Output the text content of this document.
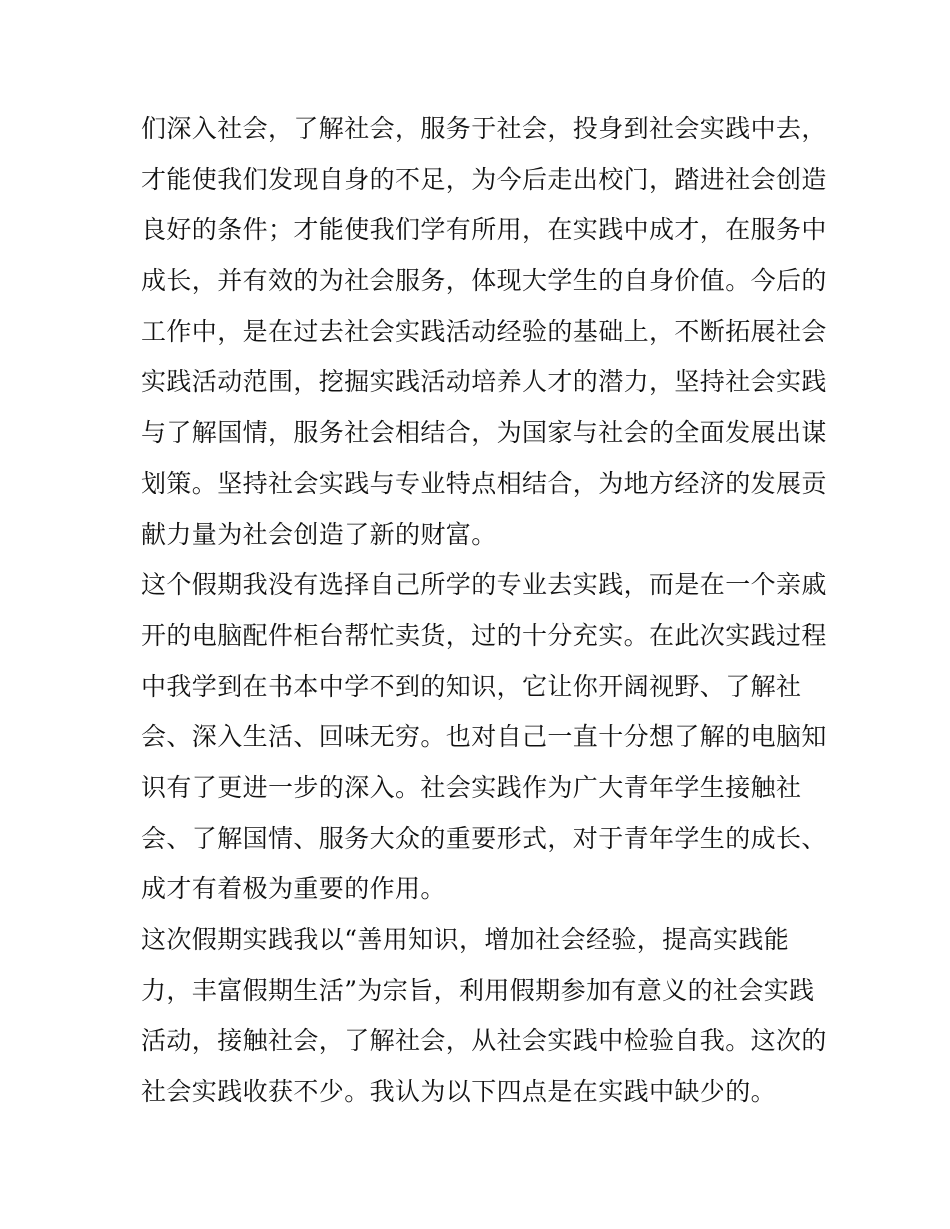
们深入社会，了解社会，服务于社会，投身到社会实践中去，
才能使我们发现自身的不足，为今后走出校门，踏进社会创造
良好的条件；才能使我们学有所用，在实践中成才，在服务中
成长，并有效的为社会服务，体现大学生的自身价值。今后的
工作中，是在过去社会实践活动经验的基础上，不断拓展社会
实践活动范围，挖掘实践活动培养人才的潜力，坚持社会实践
与了解国情，服务社会相结合，为国家与社会的全面发展出谋
划策。坚持社会实践与专业特点相结合，为地方经济的发展贡
献力量为社会创造了新的财富。
这个假期我没有选择自己所学的专业去实践，而是在一个亲戚
开的电脑配件柜台帮忙卖货，过的十分充实。在此次实践过程
中我学到在书本中学不到的知识，它让你开阔视野、了解社
会、深入生活、回味无穷。也对自己一直十分想了解的电脑知
识有了更进一步的深入。社会实践作为广大青年学生接触社
会、了解国情、服务大众的重要形式，对于青年学生的成长、
成才有着极为重要的作用。
这次假期实践我以“善用知识，增加社会经验，提高实践能
力，丰富假期生活”为宗旨，利用假期参加有意义的社会实践
活动，接触社会，了解社会，从社会实践中检验自我。这次的
社会实践收获不少。我认为以下四点是在实践中缺少的。
